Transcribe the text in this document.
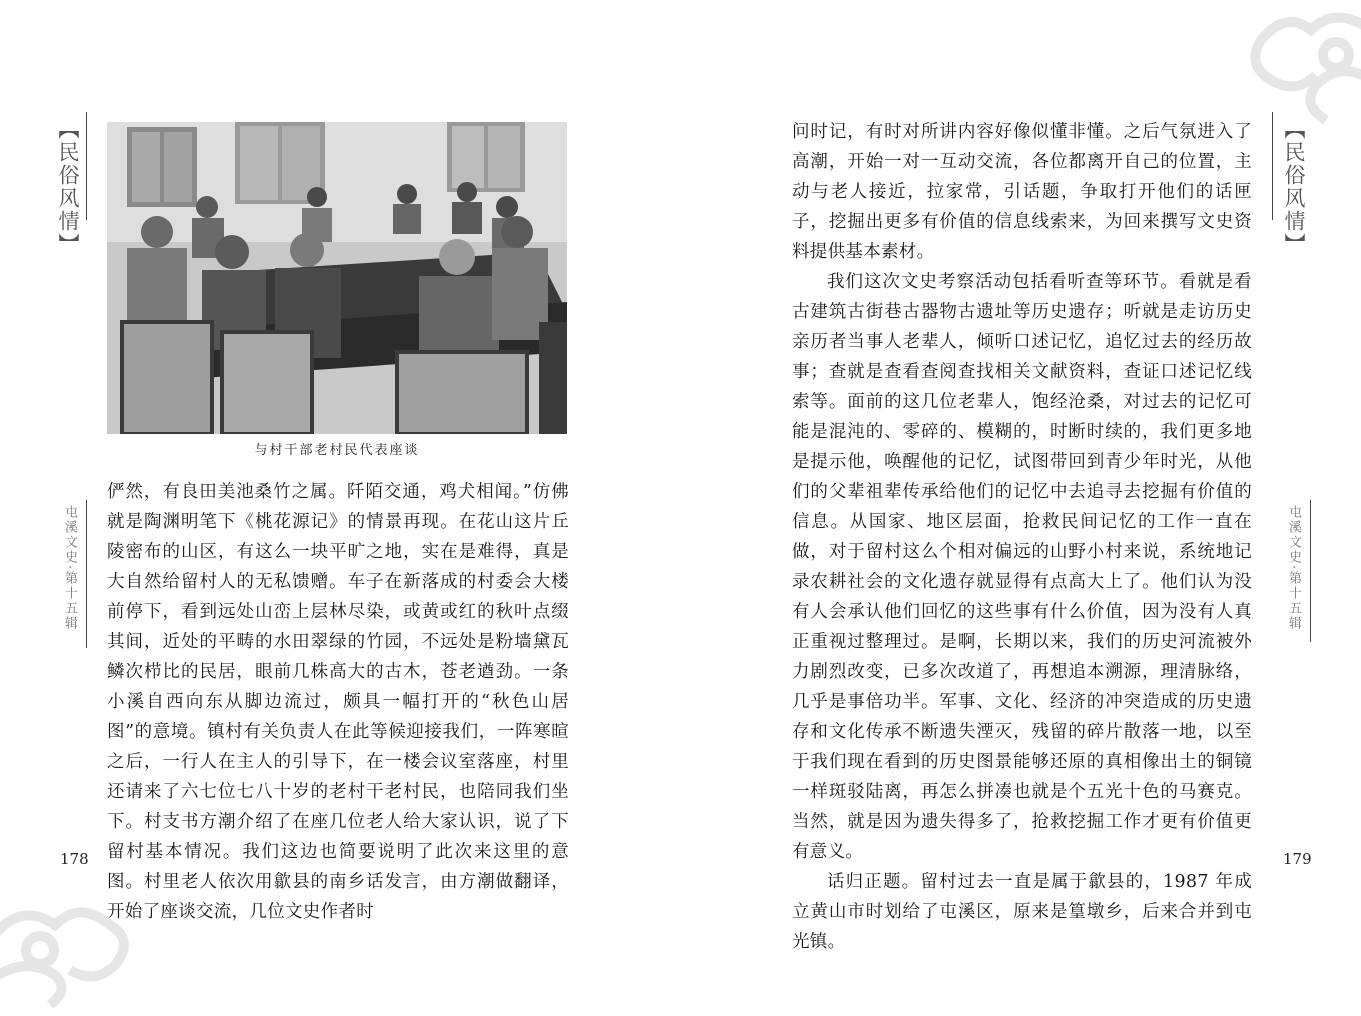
【民俗风情】
屯溪文史·第十五辑
与村干部老村民代表座谈

俨然，有良田美池桑竹之属。阡陌交通，鸡犬相闻。”仿佛就是陶渊明笔下《桃花源记》的情景再现。在花山这片丘陵密布的山区，有这么一块平旷之地，实在是难得，真是大自然给留村人的无私馈赠。车子在新落成的村委会大楼前停下，看到远处山峦上层林尽染，或黄或红的秋叶点缀其间，近处的平畴的水田翠绿的竹园，不远处是粉墙黛瓦鳞次栉比的民居，眼前几株高大的古木，苍老遒劲。一条小溪自西向东从脚边流过，颇具一幅打开的“秋色山居图”的意境。镇村有关负责人在此等候迎接我们，一阵寒暄之后，一行人在主人的引导下，在一楼会议室落座，村里还请来了六七位七八十岁的老村干老村民，也陪同我们坐下。村支书方潮介绍了在座几位老人给大家认识，说了下留村基本情况。我们这边也简要说明了此次来这里的意图。村里老人依次用歙县的南乡话发言，由方潮做翻译，开始了座谈交流，几位文史作者时

178

问时记，有时对所讲内容好像似懂非懂。之后气氛进入了高潮，开始一对一互动交流，各位都离开自己的位置，主动与老人接近，拉家常，引话题，争取打开他们的话匣子，挖掘出更多有价值的信息线索来，为回来撰写文史资料提供基本素材。

我们这次文史考察活动包括看听查等环节。看就是看古建筑古街巷古器物古遗址等历史遗存；听就是走访历史亲历者当事人老辈人，倾听口述记忆，追忆过去的经历故事；查就是查看查阅查找相关文献资料，查证口述记忆线索等。面前的这几位老辈人，饱经沧桑，对过去的记忆可能是混沌的、零碎的、模糊的，时断时续的，我们更多地是提示他，唤醒他的记忆，试图带回到青少年时光，从他们的父辈祖辈传承给他们的记忆中去追寻去挖掘有价值的信息。从国家、地区层面，抢救民间记忆的工作一直在做，对于留村这么个相对偏远的山野小村来说，系统地记录农耕社会的文化遗存就显得有点高大上了。他们认为没有人会承认他们回忆的这些事有什么价值，因为没有人真正重视过整理过。是啊，长期以来，我们的历史河流被外力剧烈改变，已多次改道了，再想追本溯源，理清脉络，几乎是事倍功半。军事、文化、经济的冲突造成的历史遗存和文化传承不断遗失湮灭，残留的碎片散落一地，以至于我们现在看到的历史图景能够还原的真相像出土的铜镜一样斑驳陆离，再怎么拼凑也就是个五光十色的马赛克。当然，就是因为遗失得多了，抢救挖掘工作才更有价值更有意义。

话归正题。留村过去一直是属于歙县的，1987 年成立黄山市时划给了屯溪区，原来是篁墩乡，后来合并到屯光镇。

【民俗风情】
屯溪文史·第十五辑
179
